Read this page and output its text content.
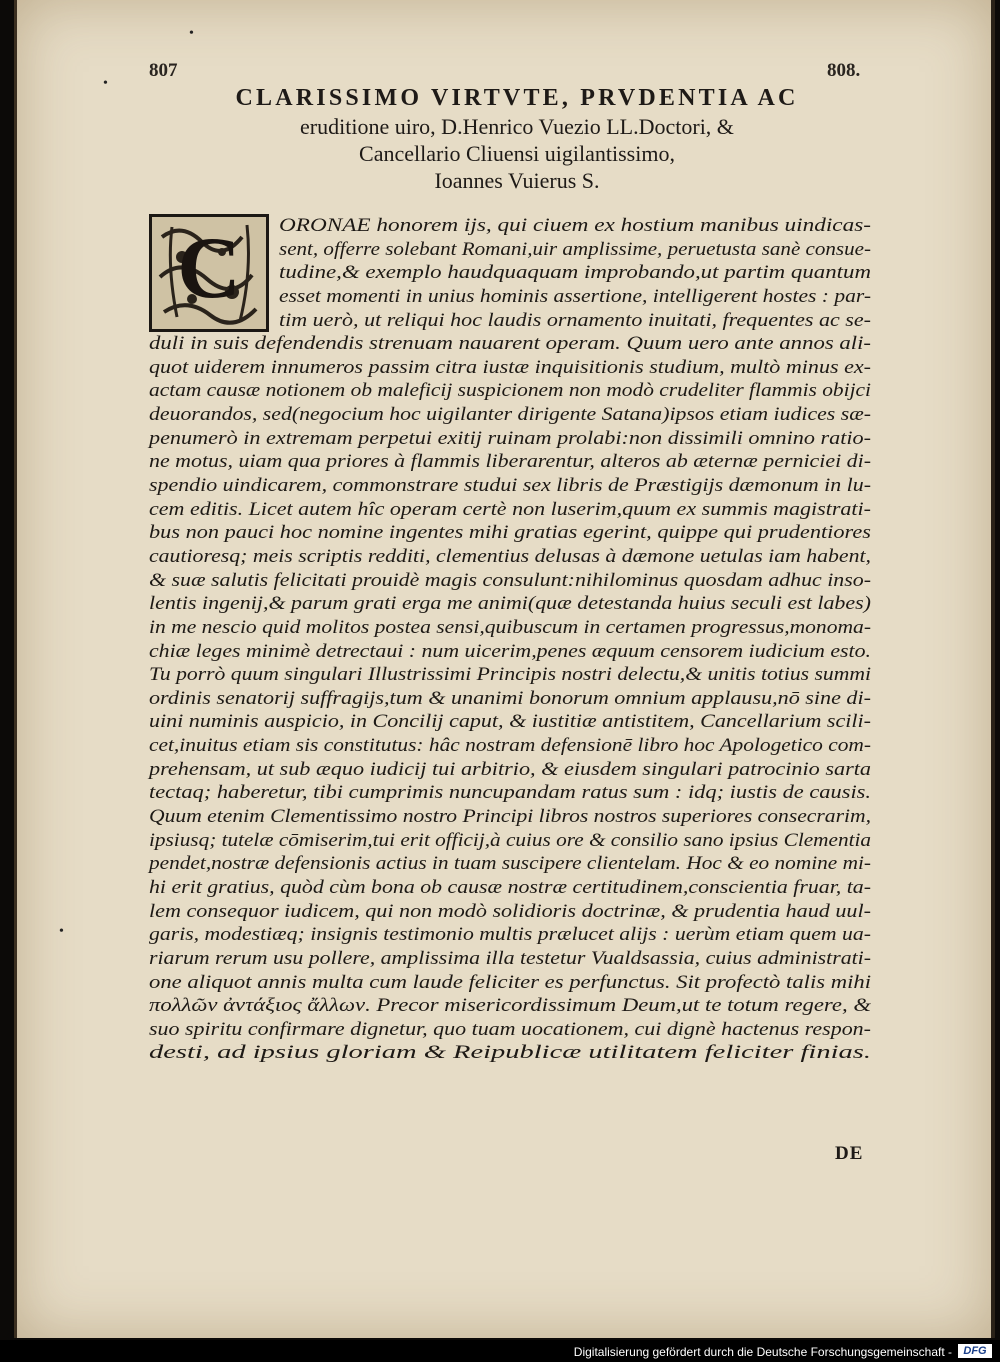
•
•
•
807	808.
CLARISSIMO VIRTVTE, PRVDENTIA AC
eruditione uiro, D.Henrico Vuezio LL.Doctori, &
Cancellario Cliuensi uigilantissimo,
Ioannes Vuierus S.
ORONAE honorem ijs, qui ciuem ex hostium manibus uindicas-
sent, offerre solebant Romani,uir amplissime, peruetusta sanè consue-
tudine,& exemplo haudquaquam improbando,ut partim quantum
esset momenti in unius hominis assertione, intelligerent hostes : par-
tim uerò, ut reliqui hoc laudis ornamento inuitati, frequentes ac se-
duli in suis defendendis strenuam nauarent operam. Quum uero ante annos ali-
quot uiderem innumeros passim citra iustæ inquisitionis studium, multò minus ex-
actam causæ notionem ob maleficij suspicionem non modò crudeliter flammis obijci
deuorandos, sed(negocium hoc uigilanter dirigente Satana)ipsos etiam iudices sæ-
penumerò in extremam perpetui exitij ruinam prolabi:non dissimili omnino ratio-
ne motus, uiam qua priores à flammis liberarentur, alteros ab æternæ perniciei di-
spendio uindicarem, commonstrare studui sex libris de Præstigijs dæmonum in lu-
cem editis. Licet autem hîc operam certè non luserim,quum ex summis magistrati-
bus non pauci hoc nomine ingentes mihi gratias egerint, quippe qui prudentiores
cautioresq; meis scriptis redditi, clementius delusas à dæmone uetulas iam habent,
& suæ salutis felicitati prouidè magis consulunt:nihilominus quosdam adhuc inso-
lentis ingenij,& parum grati erga me animi(quæ detestanda huius seculi est labes)
in me nescio quid molitos postea sensi,quibuscum in certamen progressus,monoma-
chiæ leges minimè detrectaui : num uicerim,penes æquum censorem iudicium esto.
Tu porrò quum singulari Illustrissimi Principis nostri delectu,& unitis totius summi
ordinis senatorij suffragijs,tum & unanimi bonorum omnium applausu,nō sine di-
uini numinis auspicio, in Concilij caput, & iustitiæ antistitem, Cancellarium scili-
cet,inuitus etiam sis constitutus: hâc nostram defensionē libro hoc Apologetico com-
prehensam, ut sub æquo iudicij tui arbitrio, & eiusdem singulari patrocinio sarta
tectaq; haberetur, tibi cumprimis nuncupandam ratus sum : idq; iustis de causis.
Quum etenim Clementissimo nostro Principi libros nostros superiores consecrarim,
ipsiusq; tutelæ cōmiserim,tui erit officij,à cuius ore & consilio sano ipsius Clementia
pendet,nostræ defensionis actius in tuam suscipere clientelam. Hoc & eo nomine mi-
hi erit gratius, quòd cùm bona ob causæ nostræ certitudinem,conscientia fruar, ta-
lem consequor iudicem, qui non modò solidioris doctrinæ, & prudentia haud uul-
garis, modestiæq; insignis testimonio multis prælucet alijs : uerùm etiam quem ua-
riarum rerum usu pollere, amplissima illa testetur Vualdsassia, cuius administrati-
one aliquot annis multa cum laude feliciter es perfunctus. Sit profectò talis mihi
πολλῶν ἀντάξιος ἄλλων. Precor misericordissimum Deum,ut te totum regere, &
suo spiritu confirmare dignetur, quo tuam uocationem, cui dignè hactenus respon-
desti, ad ipsius gloriam & Reipublicæ utilitatem feliciter finias.
C
DE
Digitalisierung gefördert durch die Deutsche Forschungsgemeinschaft -	DFG
